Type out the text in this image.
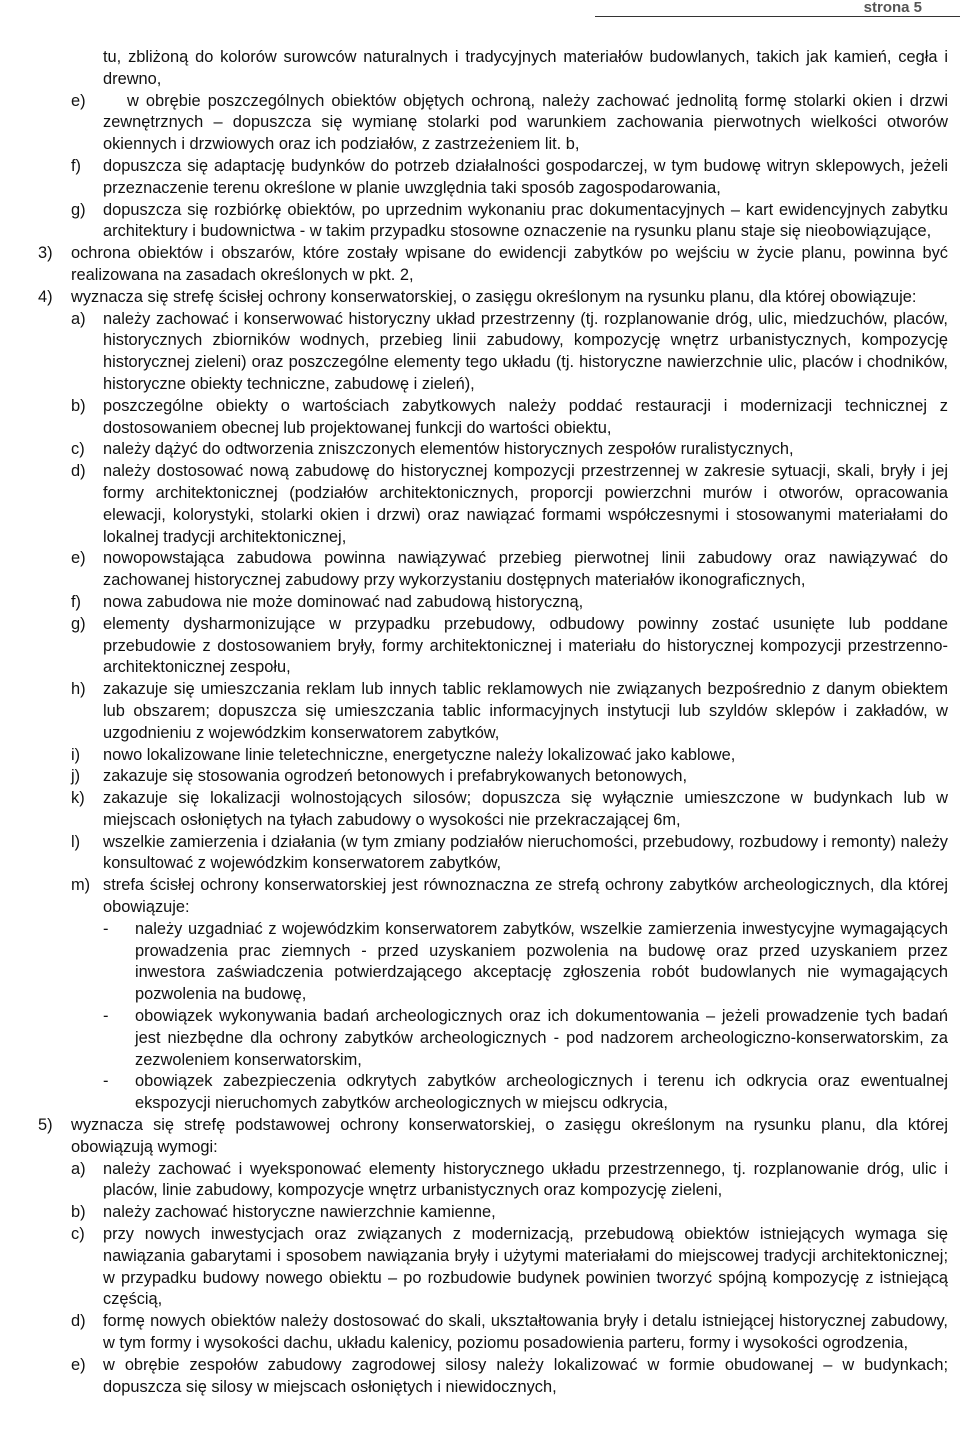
strona 5
tu, zbliżoną do kolorów surowców naturalnych i tradycyjnych materiałów budowlanych, takich jak kamień, cegła i drewno,
e)	w obrębie poszczególnych obiektów objętych ochroną, należy zachować jednolitą formę stolarki okien i drzwi zewnętrznych – dopuszcza się wymianę stolarki pod warunkiem zachowania pierwotnych wielkości otworów okiennych i drzwiowych oraz ich podziałów, z zastrzeżeniem lit. b,
f) dopuszcza się adaptację budynków do potrzeb działalności gospodarczej, w tym budowę witryn sklepowych, jeżeli przeznaczenie terenu określone w planie uwzględnia taki sposób zagospodarowania,
g) dopuszcza się rozbiórkę obiektów, po uprzednim wykonaniu prac dokumentacyjnych – kart ewidencyjnych zabytku architektury i budownictwa - w takim przypadku stosowne oznaczenie na rysunku planu staje się nieobowiązujące,
3) ochrona obiektów i obszarów, które zostały wpisane do ewidencji zabytków po wejściu w życie planu, powinna być realizowana na zasadach określonych w pkt. 2,
4) wyznacza się strefę ścisłej ochrony konserwatorskiej, o zasięgu określonym na rysunku planu, dla której obowiązuje:
a) należy zachować i konserwować historyczny układ przestrzenny (tj. rozplanowanie dróg, ulic, miedzuchów, placów, historycznych zbiorników wodnych, przebieg linii zabudowy, kompozycję wnętrz urbanistycznych, kompozycję historycznej zieleni) oraz poszczególne elementy tego układu (tj. historyczne nawierzchnie ulic, placów i chodników, historyczne obiekty techniczne, zabudowę i zieleń),
b) poszczególne obiekty o wartościach zabytkowych należy poddać restauracji i modernizacji technicznej z dostosowaniem obecnej lub projektowanej funkcji do wartości obiektu,
c) należy dążyć do odtworzenia zniszczonych elementów historycznych zespołów ruralistycznych,
d) należy dostosować nową zabudowę do historycznej kompozycji przestrzennej w zakresie sytuacji, skali, bryły i jej formy architektonicznej (podziałów architektonicznych, proporcji powierzchni murów i otworów, opracowania elewacji, kolorystyki, stolarki okien i drzwi) oraz nawiązać formami współczesnymi i stosowanymi materiałami do lokalnej tradycji architektonicznej,
e) nowopowstająca zabudowa powinna nawiązywać przebieg pierwotnej linii zabudowy oraz nawiązywać do zachowanej historycznej zabudowy przy wykorzystaniu dostępnych materiałów ikonograficznych,
f) nowa zabudowa nie może dominować nad zabudową historyczną,
g) elementy dysharmonizujące w przypadku przebudowy, odbudowy powinny zostać usunięte lub poddane przebudowie z dostosowaniem bryły, formy architektonicznej i materiału do historycznej kompozycji przestrzenno-architektonicznej zespołu,
h) zakazuje się umieszczania reklam lub innych tablic reklamowych nie związanych bezpośrednio z danym obiektem lub obszarem; dopuszcza się umieszczania tablic informacyjnych instytucji lub szyldów sklepów i zakładów, w uzgodnieniu z wojewódzkim konserwatorem zabytków,
i) nowo lokalizowane linie teletechniczne, energetyczne należy lokalizować jako kablowe,
j) zakazuje się stosowania ogrodzeń betonowych i prefabrykowanych betonowych,
k) zakazuje się lokalizacji wolnostojących silosów; dopuszcza się wyłącznie umieszczone w budynkach lub w miejscach osłoniętych na tyłach zabudowy o wysokości nie przekraczającej 6m,
l) wszelkie zamierzenia i działania (w tym zmiany podziałów nieruchomości, przebudowy, rozbudowy i remonty) należy konsultować z wojewódzkim konserwatorem zabytków,
m) strefa ścisłej ochrony konserwatorskiej jest równoznaczna ze strefą ochrony zabytków archeologicznych, dla której obowiązuje:
- należy uzgadniać z wojewódzkim konserwatorem zabytków, wszelkie zamierzenia inwestycyjne wymagających prowadzenia prac ziemnych - przed uzyskaniem pozwolenia na budowę oraz przed uzyskaniem przez inwestora zaświadczenia potwierdzającego akceptację zgłoszenia robót budowlanych nie wymagających pozwolenia na budowę,
- obowiązek wykonywania badań archeologicznych oraz ich dokumentowania – jeżeli prowadzenie tych badań jest niezbędne dla ochrony zabytków archeologicznych - pod nadzorem archeologiczno-konserwatorskim, za zezwoleniem konserwatorskim,
- obowiązek zabezpieczenia odkrytych zabytków archeologicznych i terenu ich odkrycia oraz ewentualnej ekspozycji nieruchomych zabytków archeologicznych w miejscu odkrycia,
5) wyznacza się strefę podstawowej ochrony konserwatorskiej, o zasięgu określonym na rysunku planu, dla której obowiązują wymogi:
a) należy zachować i wyeksponować elementy historycznego układu przestrzennego, tj. rozplanowanie dróg, ulic i placów, linie zabudowy, kompozycje wnętrz urbanistycznych oraz kompozycję zieleni,
b) należy zachować historyczne nawierzchnie kamienne,
c) przy nowych inwestycjach oraz związanych z modernizacją, przebudową obiektów istniejących wymaga się nawiązania gabarytami i sposobem nawiązania bryły i użytymi materiałami do miejscowej tradycji architektonicznej; w przypadku budowy nowego obiektu – po rozbudowie budynek powinien tworzyć spójną kompozycję z istniejącą częścią,
d) formę nowych obiektów należy dostosować do skali, ukształtowania bryły i detalu istniejącej historycznej zabudowy, w tym formy i wysokości dachu, układu kalenicy, poziomu posadowienia parteru, formy i wysokości ogrodzenia,
e) w obrębie zespołów zabudowy zagrodowej silosy należy lokalizować w formie obudowanej – w budynkach; dopuszcza się silosy w miejscach osłoniętych i niewidocznych,
